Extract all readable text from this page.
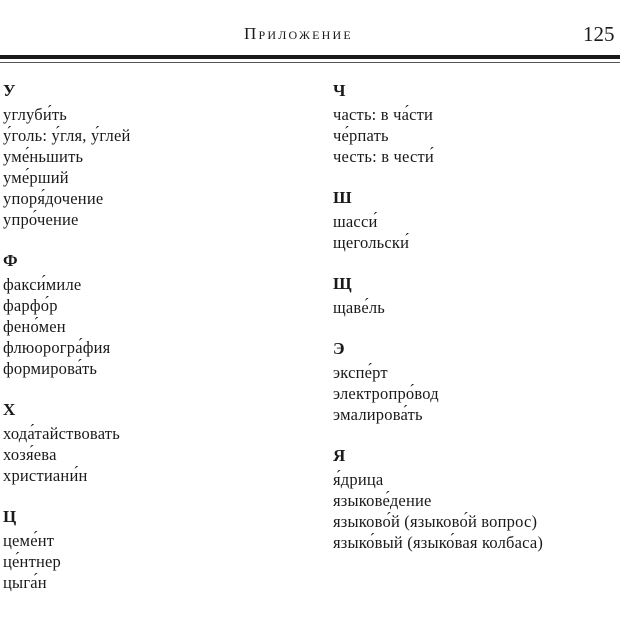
Приложение	125
У
углуби́ть
у́голь: у́гля, у́глей
уме́ньшить
уме́рший
упоря́дочение
упро́чение
Ф
факси́миле
фарфо́р
фено́мен
флюорогра́фия
формирова́ть
Х
хода́тайствовать
хозя́ева
христиани́н
Ц
цеме́нт
це́нтнер
цыга́н
Ч
часть: в ча́сти
че́рпать
честь: в чести́
Ш
шасси́
щегольски́
Щ
щаве́ль
Э
экспе́рт
электропро́вод
эмалирова́ть
Я
я́дрица
языкове́дение
языково́й (языково́й вопрос)
языко́вый (языко́вая колбаса)
